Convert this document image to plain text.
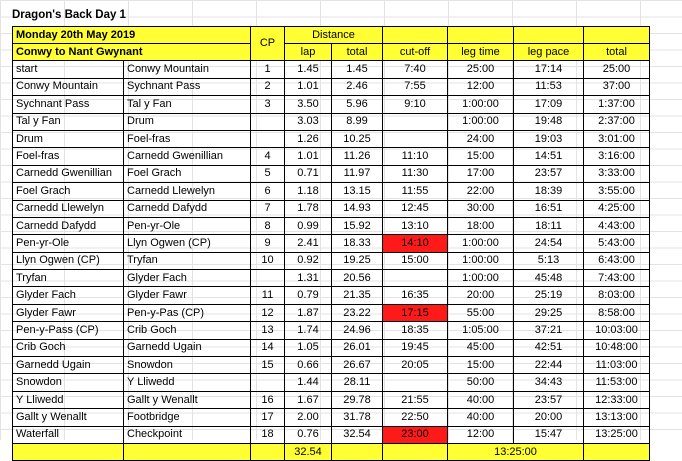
Dragon's Back Day 1
Monday 20th May 2019		CP	Distance					
Conwy to Nant Gwynant			lap	total	cut-off	leg time	leg pace	total
start	Conwy Mountain	1	1.45	1.45	7:40	25:00	17:14	25:00
Conwy Mountain	Sychnant Pass	2	1.01	2.46	7:55	12:00	11:53	37:00
Sychnant Pass	Tal y Fan	3	3.50	5.96	9:10	1:00:00	17:09	1:37:00
Tal y Fan	Drum		3.03	8.99		1:00:00	19:48	2:37:00
Drum	Foel-fras		1.26	10.25		24:00	19:03	3:01:00
Foel-fras	Carnedd Gwenillian	4	1.01	11.26	11:10	15:00	14:51	3:16:00
Carnedd Gwenillian	Foel Grach	5	0.71	11.97	11:30	17:00	23:57	3:33:00
Foel Grach	Carnedd Llewelyn	6	1.18	13.15	11:55	22:00	18:39	3:55:00
Carnedd Llewelyn	Carnedd Dafydd	7	1.78	14.93	12:45	30:00	16:51	4:25:00
Carnedd Dafydd	Pen-yr-Ole	8	0.99	15.92	13:10	18:00	18:11	4:43:00
Pen-yr-Ole	Llyn Ogwen (CP)	9	2.41	18.33	14:10	1:00:00	24:54	5:43:00
Llyn Ogwen (CP)	Tryfan	10	0.92	19.25	15:00	1:00:00	5:13	6:43:00
Tryfan	Glyder Fach		1.31	20.56		1:00:00	45:48	7:43:00
Glyder Fach	Glyder Fawr	11	0.79	21.35	16:35	20:00	25:19	8:03:00
Glyder Fawr	Pen-y-Pas (CP)	12	1.87	23.22	17:15	55:00	29:25	8:58:00
Pen-y-Pass (CP)	Crib Goch	13	1.74	24.96	18:35	1:05:00	37:21	10:03:00
Crib Goch	Garnedd Ugain	14	1.05	26.01	19:45	45:00	42:51	10:48:00
Garnedd Ugain	Snowdon	15	0.66	26.67	20:05	15:00	22:44	11:03:00
Snowdon	Y Lliwedd		1.44	28.11		50:00	34:43	11:53:00
Y Lliwedd	Gallt y Wenallt	16	1.67	29.78	21:55	40:00	23:57	12:33:00
Gallt y Wenallt	Footbridge	17	2.00	31.78	22:50	40:00	20:00	13:13:00
Waterfall	Checkpoint	18	0.76	32.54	23:00	12:00	15:47	13:25:00
			32.54			13:25:00		
